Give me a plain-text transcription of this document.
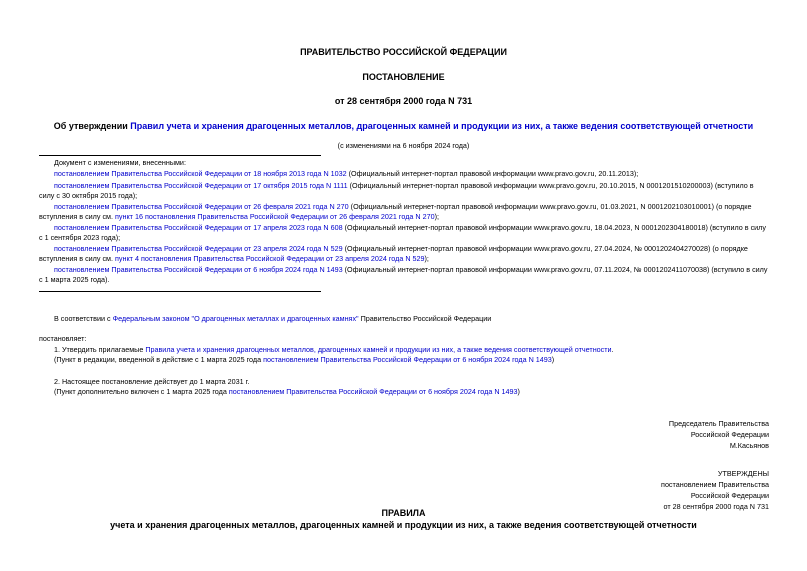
ПРАВИТЕЛЬСТВО РОССИЙСКОЙ ФЕДЕРАЦИИ
ПОСТАНОВЛЕНИЕ
от 28 сентября 2000 года N 731
Об утверждении Правил учета и хранения драгоценных металлов, драгоценных камней и продукции из них, а также ведения соответствующей отчетности
(с изменениями на 6 ноября 2024 года)
Документ с изменениями, внесенными:
постановлением Правительства Российской Федерации от 18 ноября 2013 года N 1032 (Официальный интернет-портал правовой информации www.pravo.gov.ru, 20.11.2013);
постановлением Правительства Российской Федерации от 17 октября 2015 года N 1111 (Официальный интернет-портал правовой информации www.pravo.gov.ru, 20.10.2015, N 0001201510200003) (вступило в
силу с 30 октября 2015 года);
постановлением Правительства Российской Федерации от 26 февраля 2021 года N 270 (Официальный интернет-портал правовой информации www.pravo.gov.ru, 01.03.2021, N 0001202103010001) (о порядке
вступления в силу см. пункт 16 постановления Правительства Российской Федерации от 26 февраля 2021 года N 270);
постановлением Правительства Российской Федерации от 17 апреля 2023 года N 608 (Официальный интернет-портал правовой информации www.pravo.gov.ru, 18.04.2023, N 0001202304180018) (вступило в силу
с 1 сентября 2023 года);
постановлением Правительства Российской Федерации от 23 апреля 2024 года N 529 (Официальный интернет-портал правовой информации www.pravo.gov.ru, 27.04.2024, № 0001202404270028) (о порядке
вступления в силу см. пункт 4 постановления Правительства Российской Федерации от 23 апреля 2024 года N 529);
постановлением Правительства Российской Федерации от 6 ноября 2024 года N 1493 (Официальный интернет-портал правовой информации www.pravo.gov.ru, 07.11.2024, № 0001202411070038) (вступило в силу
с 1 марта 2025 года).
В соответствии с Федеральным законом "О драгоценных металлах и драгоценных камнях" Правительство Российской Федерации
постановляет:
1. Утвердить прилагаемые Правила учета и хранения драгоценных металлов, драгоценных камней и продукции из них, а также ведения соответствующей отчетности.
(Пункт в редакции, введенной в действие с 1 марта 2025 года постановлением Правительства Российской Федерации от 6 ноября 2024 года N 1493)
2. Настоящее постановление действует до 1 марта 2031 г.
(Пункт дополнительно включен с 1 марта 2025 года постановлением Правительства Российской Федерации от 6 ноября 2024 года N 1493)
Председатель Правительства
Российской Федерации
М.Касьянов
УТВЕРЖДЕНЫ
постановлением Правительства
Российской Федерации
от 28 сентября 2000 года N 731
ПРАВИЛА
учета и хранения драгоценных металлов, драгоценных камней и продукции из них, а также ведения соответствующей отчетности
